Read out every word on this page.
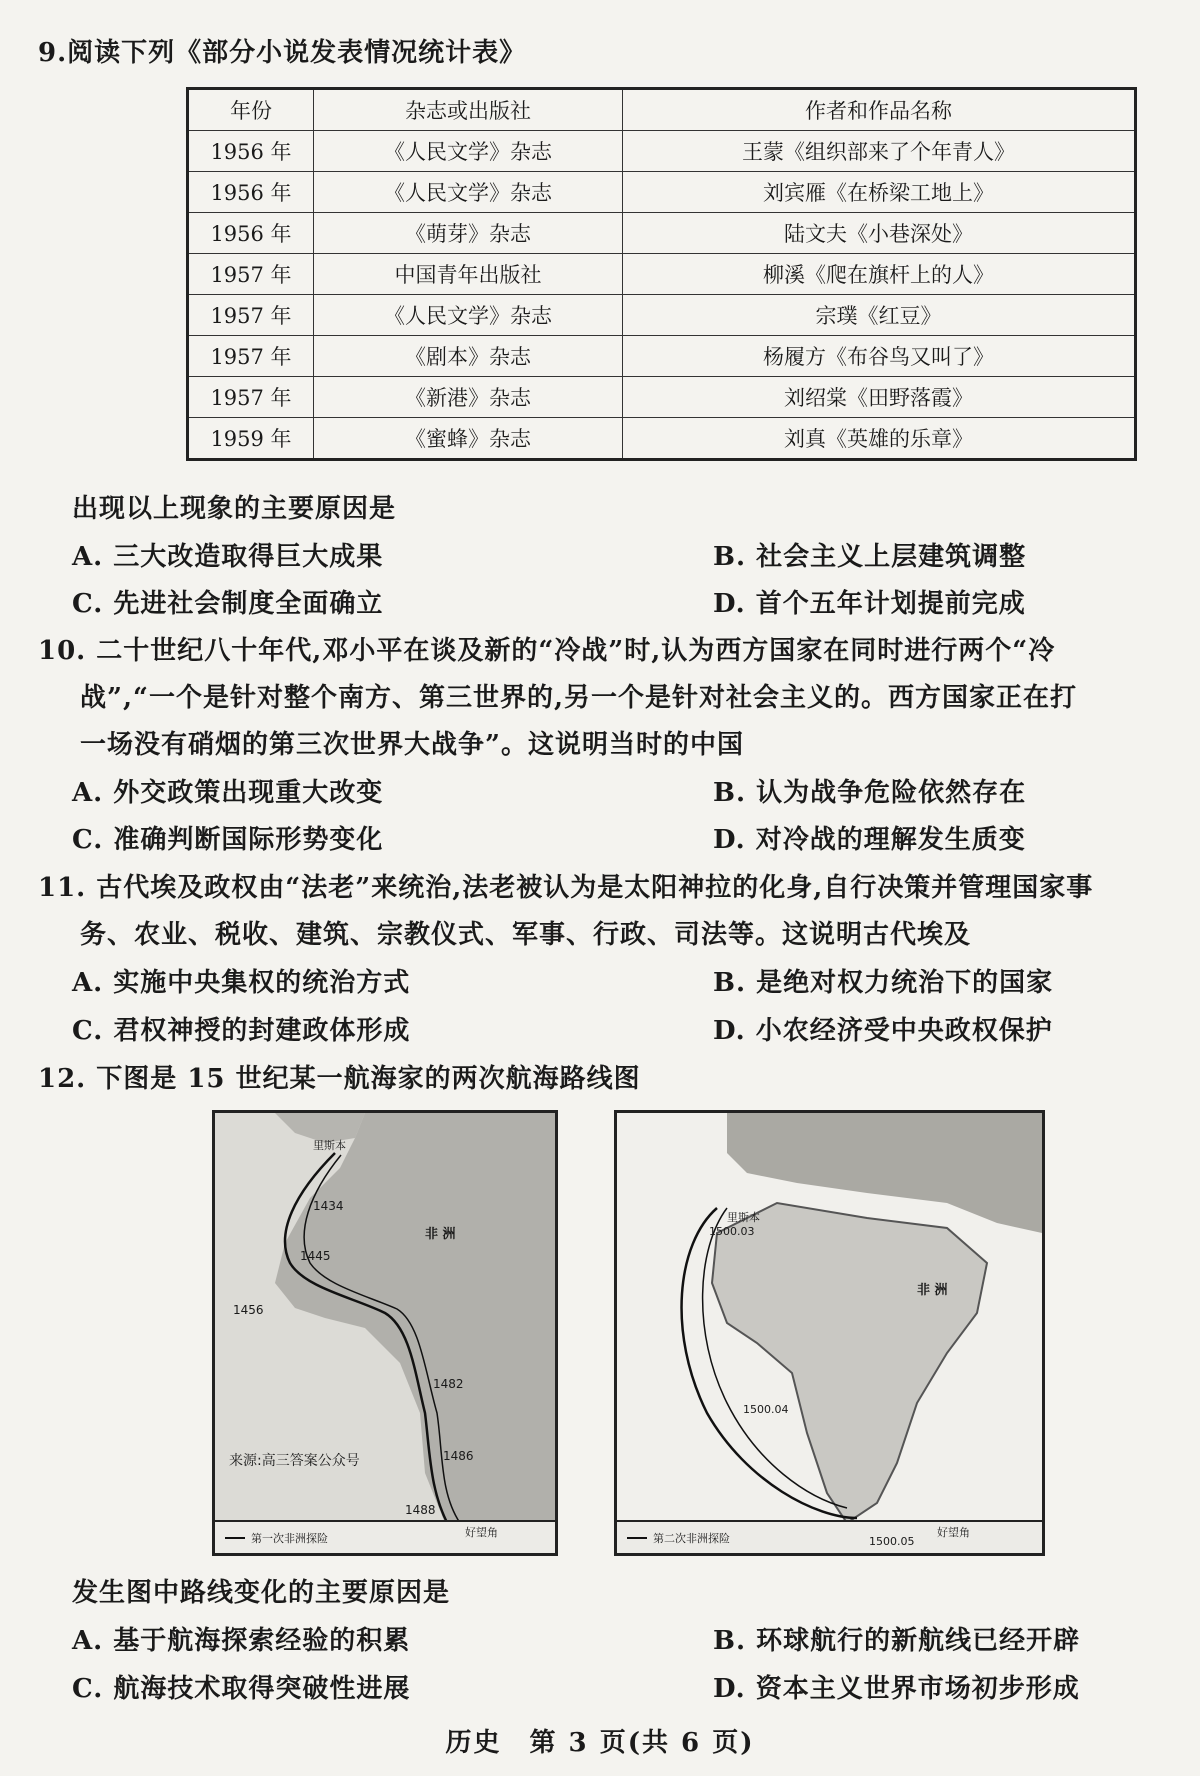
9.阅读下列《部分小说发表情况统计表》
年份	杂志或出版社	作者和作品名称
1956 年	《人民文学》杂志	王蒙《组织部来了个年青人》
1956 年	《人民文学》杂志	刘宾雁《在桥梁工地上》
1956 年	《萌芽》杂志	陆文夫《小巷深处》
1957 年	中国青年出版社	柳溪《爬在旗杆上的人》
1957 年	《人民文学》杂志	宗璞《红豆》
1957 年	《剧本》杂志	杨履方《布谷鸟又叫了》
1957 年	《新港》杂志	刘绍棠《田野落霞》
1959 年	《蜜蜂》杂志	刘真《英雄的乐章》
出现以上现象的主要原因是
A. 三大改造取得巨大成果	B. 社会主义上层建筑调整
C. 先进社会制度全面确立	D. 首个五年计划提前完成
10. 二十世纪八十年代,邓小平在谈及新的“冷战”时,认为西方国家在同时进行两个“冷
战”,“一个是针对整个南方、第三世界的,另一个是针对社会主义的。西方国家正在打
一场没有硝烟的第三次世界大战争”。这说明当时的中国
A. 外交政策出现重大改变	B. 认为战争危险依然存在
C. 准确判断国际形势变化	D. 对冷战的理解发生质变
11. 古代埃及政权由“法老”来统治,法老被认为是太阳神拉的化身,自行决策并管理国家事
务、农业、税收、建筑、宗教仪式、军事、行政、司法等。这说明古代埃及
A. 实施中央集权的统治方式	B. 是绝对权力统治下的国家
C. 君权神授的封建政体形成	D. 小农经济受中央政权保护
12. 下图是 15 世纪某一航海家的两次航海路线图
里斯本
非 洲
1434
1445
1456
1482
1486
1488
好望角
来源:高三答案公众号
第一次非洲探险
里斯本
1500.03
非 洲
1500.04
1500.05
好望角
第二次非洲探险
发生图中路线变化的主要原因是
A. 基于航海探索经验的积累	B. 环球航行的新航线已经开辟
C. 航海技术取得突破性进展	D. 资本主义世界市场初步形成
历史　第 3 页(共 6 页)
